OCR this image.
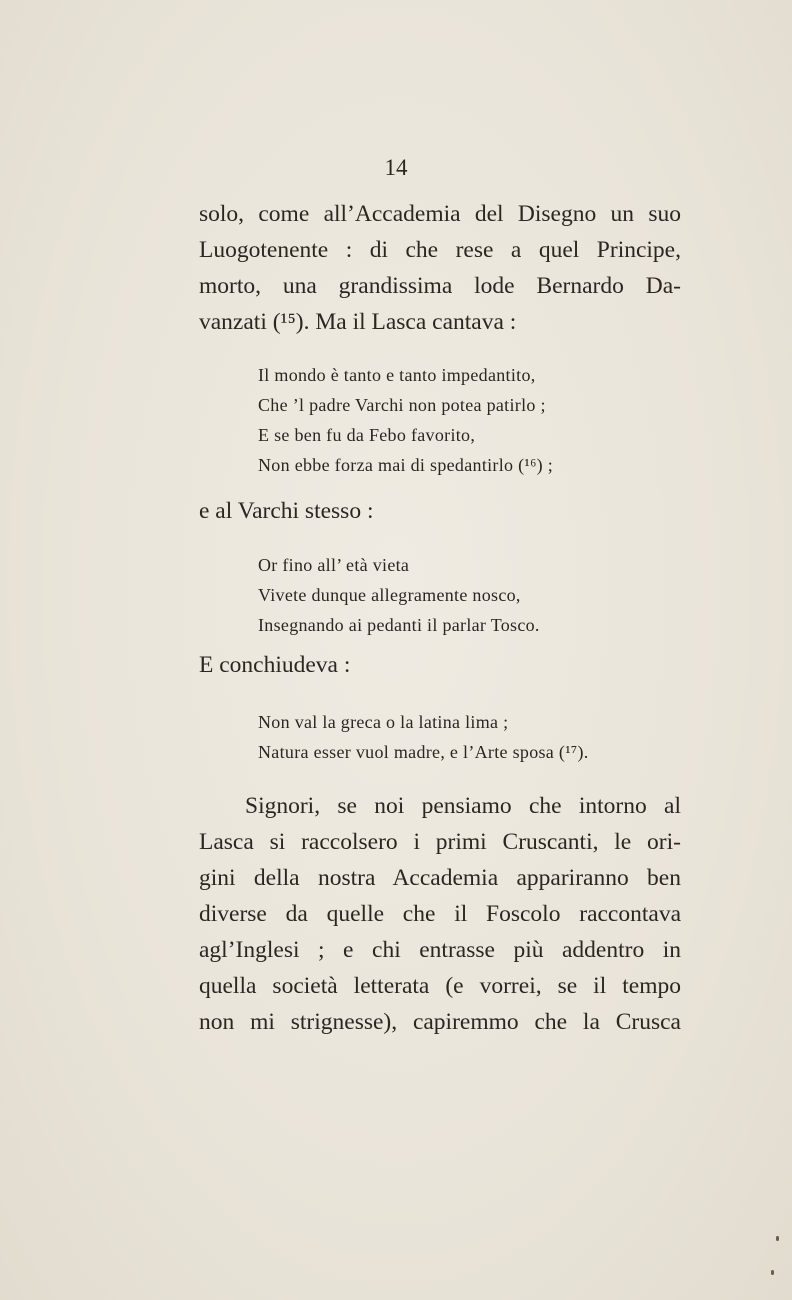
14

solo, come all’Accademia del Disegno un suo
Luogotenente : di che rese a quel Principe,
morto, una grandissima lode Bernardo Da-
vanzati (¹⁵). Ma il Lasca cantava :

Il mondo è tanto e tanto impedantito,
Che ’l padre Varchi non potea patirlo ;
E se ben fu da Febo favorito,
Non ebbe forza mai di spedantirlo (¹⁶) ;

e al Varchi stesso :

Or fino all’ età vieta
Vivete dunque allegramente nosco,
Insegnando ai pedanti il parlar Tosco.

E conchiudeva :

Non val la greca o la latina lima ;
Natura esser vuol madre, e l’Arte sposa (¹⁷).

Signori, se noi pensiamo che intorno al
Lasca si raccolsero i primi Cruscanti, le ori-
gini della nostra Accademia appariranno ben
diverse da quelle che il Foscolo raccontava
agl’Inglesi ; e chi entrasse più addentro in
quella società letterata (e vorrei, se il tempo
non mi strignesse), capiremmo che la Crusca
